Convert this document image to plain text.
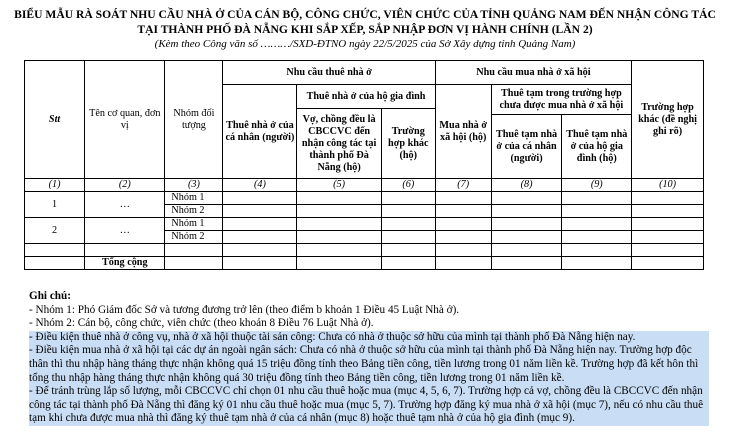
BIỂU MẪU RÀ SOÁT NHU CẦU NHÀ Ở CỦA CÁN BỘ, CÔNG CHỨC, VIÊN CHỨC CỦA TỈNH QUẢNG NAM ĐẾN NHẬN CÔNG TÁC
TẠI THÀNH PHỐ ĐÀ NẴNG KHI SẮP XẾP, SẮP NHẬP ĐƠN VỊ HÀNH CHÍNH (LẦN 2)
(Kèm theo Công văn số ………/SXD-ĐTNO ngày 22/5/2025 của Sở Xây dựng tỉnh Quảng Nam)
Stt	Tên cơ quan, đơn vị	Nhóm đối tượng	Nhu cầu thuê nhà ở			Nhu cầu mua nhà ở xã hội			Trường hợp khác (đề nghị ghi rõ)
			Thuê nhà ở của cá nhân (người)	Thuê nhà ở của hộ gia đình		Mua nhà ở xã hội (hộ)	Thuê tạm trong trường hợp chưa được mua nhà ở xã hội		
				Vợ, chồng đều là CBCCVC đến nhận công tác tại thành phố Đà Nẵng (hộ)	Trường hợp khác (hộ)				
							Thuê tạm nhà ở của cá nhân (người)	Thuê tạm nhà ở của hộ gia đình (hộ)	
(1)	(2)	(3)	(4)	(5)	(6)	(7)	(8)	(9)	(10)
1	…	Nhóm 1							
		Nhóm 2							
2	…	Nhóm 1							
		Nhóm 2							

	Tổng cộng								

Ghi chú:

- Nhóm 1: Phó Giám đốc Sở và tương đương trở lên (theo điểm b khoản 1 Điều 45 Luật Nhà ở).

- Nhóm 2: Cán bộ, công chức, viên chức (theo khoản 8 Điều 76 Luật Nhà ở).

- Điều kiện thuê nhà ở công vụ, nhà ở xã hội thuộc tài sản công: Chưa có nhà ở thuộc sở hữu của mình tại thành phố Đà Nẵng hiện nay.

- Điều kiện mua nhà ở xã hội tại các dự án ngoài ngân sách: Chưa có nhà ở thuộc sở hữu của mình tại thành phố Đà Nẵng hiện nay. Trường hợp độc thân thì thu nhập hàng tháng thực nhận không quá 15 triệu đồng tính theo Bảng tiền công, tiền lương trong 01 năm liền kề. Trường hợp đã kết hôn thì tổng thu nhập hàng tháng thực nhận không quá 30 triệu đồng tính theo Bảng tiền công, tiền lương trong 01 năm liền kề.

- Để tránh trùng lắp số lượng, mỗi CBCCVC chỉ chọn 01 nhu cầu thuê hoặc mua (mục 4, 5, 6, 7). Trường hợp cả vợ, chồng đều là CBCCVC đến nhận công tác tại thành phố Đà Nẵng thì đăng ký 01 nhu cầu thuê hoặc mua (mục 5, 7). Trường hợp đăng ký mua nhà ở xã hội (mục 7), nếu có nhu cầu thuê tạm khi chưa được mua nhà thì đăng ký thuê tạm nhà ở của cá nhân (mục 8) hoặc thuê tạm nhà ở của hộ gia đình (mục 9).
